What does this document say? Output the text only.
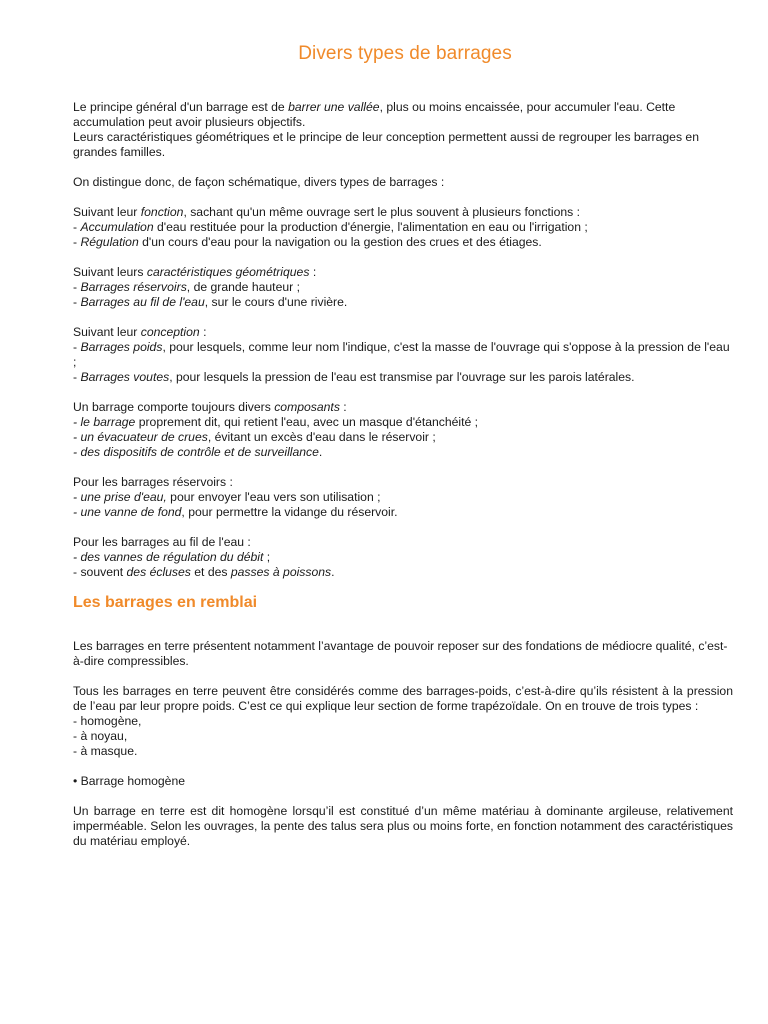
Divers types de barrages

Le principe général d'un barrage est de barrer une vallée, plus ou moins encaissée, pour accumuler l'eau. Cette accumulation peut avoir plusieurs objectifs.

Leurs caractéristiques géométriques et le principe de leur conception permettent aussi de regrouper les barrages en grandes familles.

On distingue donc, de façon schématique, divers types de barrages :

Suivant leur fonction, sachant qu'un même ouvrage sert le plus souvent à plusieurs fonctions :

- Accumulation d'eau restituée pour la production d'énergie, l'alimentation en eau ou l'irrigation ;

- Régulation d'un cours d'eau pour la navigation ou la gestion des crues et des étiages.

Suivant leurs caractéristiques géométriques :

- Barrages réservoirs, de grande hauteur ;

- Barrages au fil de l'eau, sur le cours d'une rivière.

Suivant leur conception :

- Barrages poids, pour lesquels, comme leur nom l'indique, c'est la masse de l'ouvrage qui s'oppose à la pression de l'eau ;

- Barrages voutes, pour lesquels la pression de l'eau est transmise par l'ouvrage sur les parois latérales.

Un barrage comporte toujours divers composants :

- le barrage proprement dit, qui retient l'eau, avec un masque d'étanchéité ;

- un évacuateur de crues, évitant un excès d'eau dans le réservoir ;

- des dispositifs de contrôle et de surveillance.

Pour les barrages réservoirs :

- une prise d'eau, pour envoyer l'eau vers son utilisation ;

- une vanne de fond, pour permettre la vidange du réservoir.

Pour les barrages au fil de l'eau :

- des vannes de régulation du débit ;

- souvent des écluses et des passes à poissons.

Les barrages en remblai

Les barrages en terre présentent notamment l’avantage de pouvoir reposer sur des fondations de médiocre qualité, c’est-à-dire compressibles.

Tous les barrages en terre peuvent être considérés comme des barrages-poids, c’est-à-dire qu’ils résistent à la pression de l’eau par leur propre poids. C’est ce qui explique leur section de forme trapézoïdale. On en trouve de trois types :

- homogène,

- à noyau,

- à masque.

• Barrage homogène

Un barrage en terre est dit homogène lorsqu’il est constitué d’un même matériau à dominante argileuse, relativement imperméable. Selon les ouvrages, la pente des talus sera plus ou moins forte, en fonction notamment des caractéristiques du matériau employé.
